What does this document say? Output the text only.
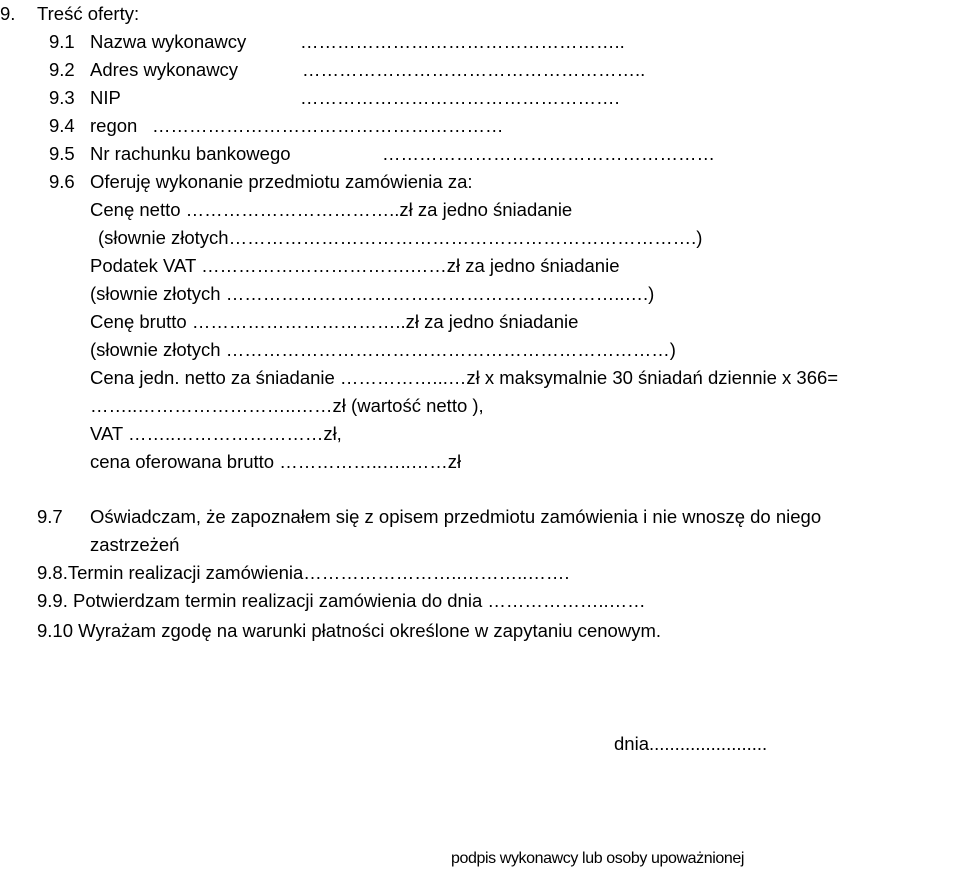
9. Treść oferty:
9.1 Nazwa wykonawcy	……………………………………………..
9.2 Adres wykonawcy	………………………………………………..
9.3 NIP	…………………………………………….
9.4 regon …………………………………………………
9.5 Nr rachunku bankowego	………………………………………………
9.6 Oferuję wykonanie przedmiotu zamówienia za:
Cenę netto ……………………………..zł za jedno śniadanie
(słownie złotych………………………………………………………………….)
Podatek VAT …………………………….……zł za jedno śniadanie
(słownie złotych ………………………………………………………..….)
Cenę brutto ……………………………..zł za jedno śniadanie
(słownie złotych ………………………………………………………………)
Cena jedn. netto za śniadanie ……………...…zł x maksymalnie 30 śniadań dziennie x 366=
……..……………………..……zł (wartość netto ),
VAT ……..……………………zł,
cena oferowana brutto ……………..…..……zł
9.7 Oświadczam, że zapoznałem się z opisem przedmiotu zamówienia i nie wnoszę do niego
zastrzeżeń
9.8.Termin realizacji zamówienia……………………..………..…….
9.9. Potwierdzam termin realizacji zamówienia do dnia ………………..……
9.10 Wyrażam zgodę na warunki płatności określone w zapytaniu cenowym.
dnia.......................
podpis wykonawcy lub osoby upoważnionej
